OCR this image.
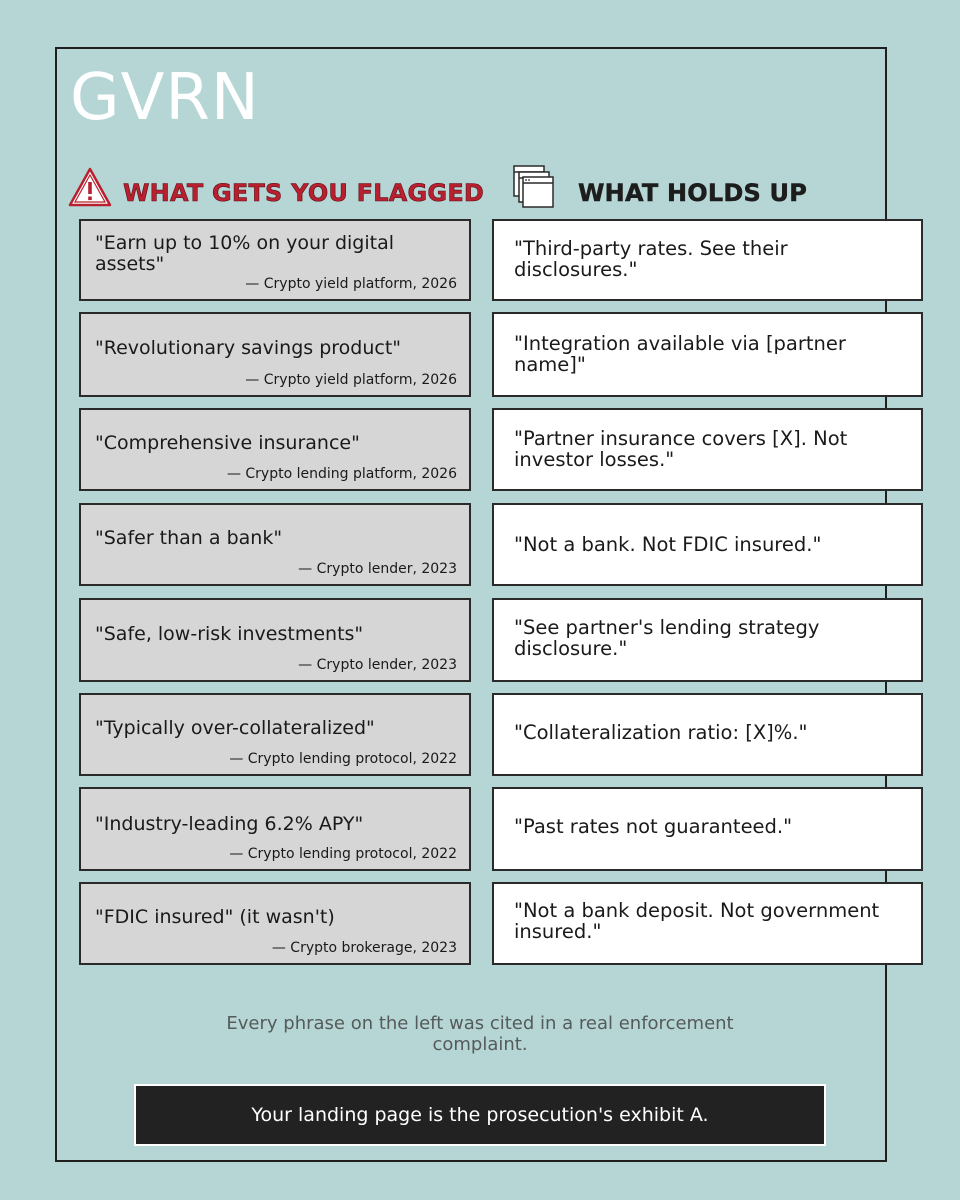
GVRN
WHAT GETS YOU FLAGGED	WHAT HOLDS UP
"Earn up to 10% on your digital assets"
— Crypto yield platform, 2026
"Third-party rates. See their disclosures."
"Revolutionary savings product"
— Crypto yield platform, 2026
"Integration available via [partner name]"
"Comprehensive insurance"
— Crypto lending platform, 2026
"Partner insurance covers [X]. Not investor losses."
"Safer than a bank"
— Crypto lender, 2023
"Not a bank. Not FDIC insured."
"Safe, low-risk investments"
— Crypto lender, 2023
"See partner's lending strategy disclosure."
"Typically over-collateralized"
— Crypto lending protocol, 2022
"Collateralization ratio: [X]%."
"Industry-leading 6.2% APY"
— Crypto lending protocol, 2022
"Past rates not guaranteed."
"FDIC insured" (it wasn't)
— Crypto brokerage, 2023
"Not a bank deposit. Not government insured."
Every phrase on the left was cited in a real enforcement complaint.
Your landing page is the prosecution's exhibit A.
